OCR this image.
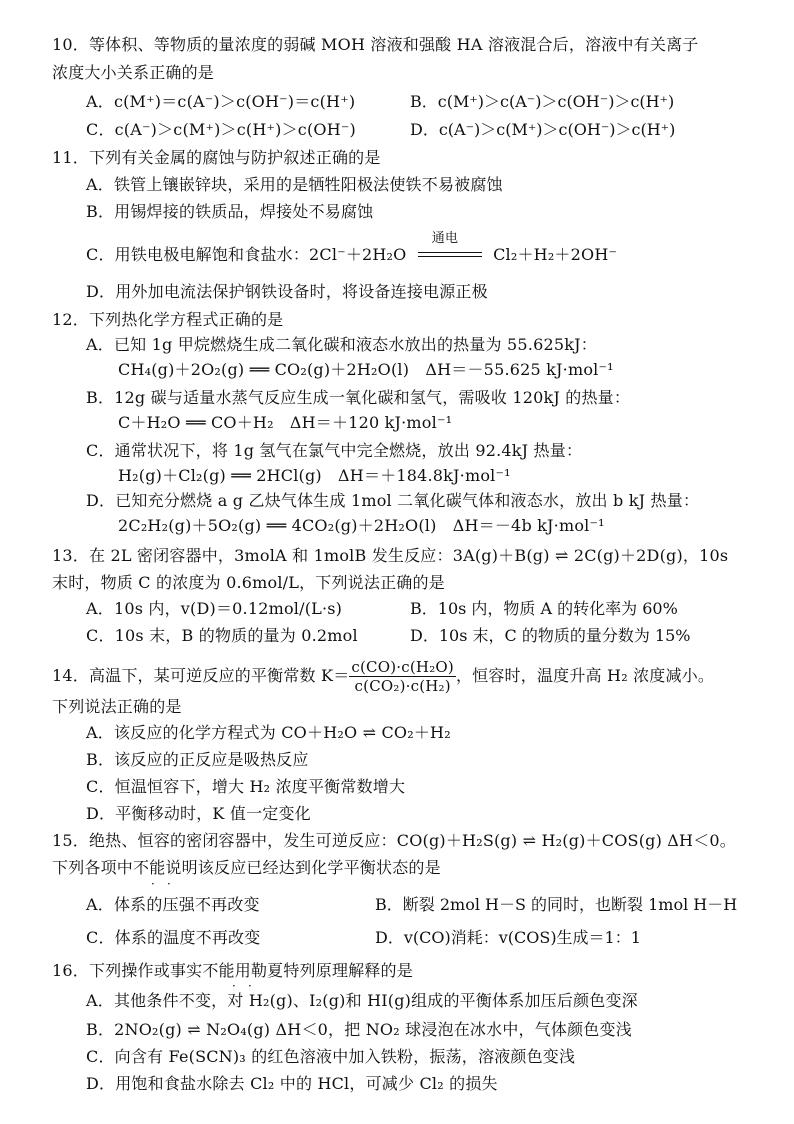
10．等体积、等物质的量浓度的弱碱 MOH 溶液和强酸 HA 溶液混合后，溶液中有关离子
浓度大小关系正确的是
A．c(M⁺)＝c(A⁻)＞c(OH⁻)＝c(H⁺)	B．c(M⁺)＞c(A⁻)＞c(OH⁻)＞c(H⁺)
C．c(A⁻)＞c(M⁺)＞c(H⁺)＞c(OH⁻)	D．c(A⁻)＞c(M⁺)＞c(OH⁻)＞c(H⁺)
11．下列有关金属的腐蚀与防护叙述正确的是
A．铁管上镶嵌锌块，采用的是牺牲阳极法使铁不易被腐蚀
B．用锡焊接的铁质品，焊接处不易腐蚀
C．用铁电极电解饱和食盐水：2Cl⁻＋2H₂O
通电
Cl₂＋H₂＋2OH⁻
D．用外加电流法保护钢铁设备时，将设备连接电源正极
12．下列热化学方程式正确的是
A．已知 1g 甲烷燃烧生成二氧化碳和液态水放出的热量为 55.625kJ：
CH₄(g)＋2O₂(g) ══ CO₂(g)＋2H₂O(l)　ΔH＝－55.625 kJ·mol⁻¹
B．12g 碳与适量水蒸气反应生成一氧化碳和氢气，需吸收 120kJ 的热量：
C＋H₂O ══ CO＋H₂　ΔH＝＋120 kJ·mol⁻¹
C．通常状况下，将 1g 氢气在氯气中完全燃烧，放出 92.4kJ 热量：
H₂(g)＋Cl₂(g) ══ 2HCl(g)　ΔH＝＋184.8kJ·mol⁻¹
D．已知充分燃烧 a g 乙炔气体生成 1mol 二氧化碳气体和液态水，放出 b kJ 热量：
2C₂H₂(g)＋5O₂(g) ══ 4CO₂(g)＋2H₂O(l)　ΔH＝－4b kJ·mol⁻¹
13．在 2L 密闭容器中，3molA 和 1molB 发生反应：3A(g)＋B(g) ⇌ 2C(g)＋2D(g)，10s
末时，物质 C 的浓度为 0.6mol/L，下列说法正确的是
A．10s 内，v(D)＝0.12mol/(L·s)	B．10s 内，物质 A 的转化率为 60%
C．10s 末，B 的物质的量为 0.2mol	D．10s 末，C 的物质的量分数为 15%
14．高温下，某可逆反应的平衡常数 $K= \frac{\text{c(CO)·c(H₂O)}}{\text{c(CO₂)·c(H₂)}}$ ，恒容时，温度升高 H₂ 浓度减小。
下列说法正确的是
A．该反应的化学方程式为 CO＋H₂O ⇌ CO₂＋H₂
B．该反应的正反应是吸热反应
C．恒温恒容下，增大 H₂ 浓度平衡常数增大
D．平衡移动时，K 值一定变化
15．绝热、恒容的密闭容器中，发生可逆反应：CO(g)＋H₂S(g) ⇌ H₂(g)＋COS(g) ΔH＜0。
下列各项中不能说明该反应已经达到化学平衡状态的是
· ·
A．体系的压强不再改变	B．断裂 2mol H－S 的同时，也断裂 1mol H－H
C．体系的温度不再改变	D．v(CO)消耗：v(COS)生成＝1：1
16．下列操作或事实不能用勒夏特列原理解释的是
· ·
A．其他条件不变，对 H₂(g)、I₂(g)和 HI(g)组成的平衡体系加压后颜色变深
B．2NO₂(g) ⇌ N₂O₄(g) ΔH＜0，把 NO₂ 球浸泡在冰水中，气体颜色变浅
C．向含有 Fe(SCN)₃ 的红色溶液中加入铁粉，振荡，溶液颜色变浅
D．用饱和食盐水除去 Cl₂ 中的 HCl，可减少 Cl₂ 的损失
